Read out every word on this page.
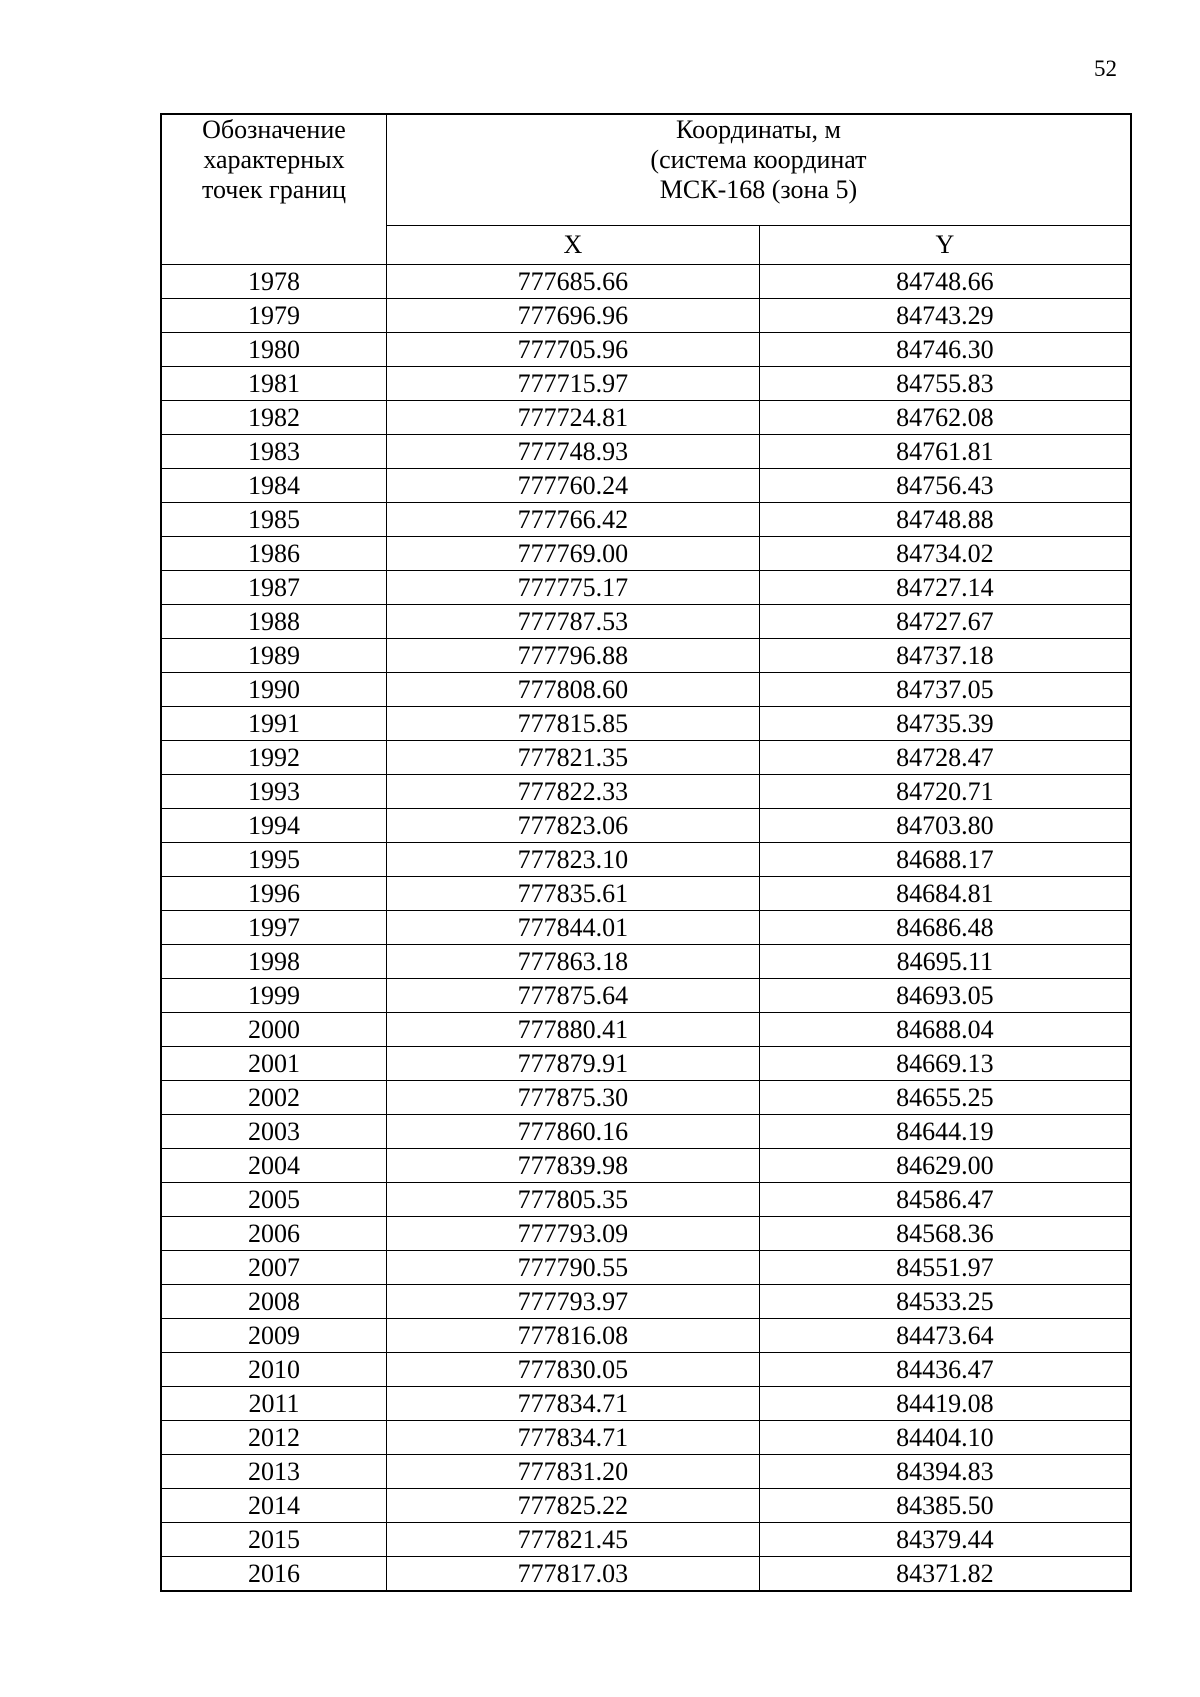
52
Обозначение
характерных
точек границ	Координаты, м
(система координат
МСК-168 (зона 5)	
	X	Y
1978	777685.66	84748.66
1979	777696.96	84743.29
1980	777705.96	84746.30
1981	777715.97	84755.83
1982	777724.81	84762.08
1983	777748.93	84761.81
1984	777760.24	84756.43
1985	777766.42	84748.88
1986	777769.00	84734.02
1987	777775.17	84727.14
1988	777787.53	84727.67
1989	777796.88	84737.18
1990	777808.60	84737.05
1991	777815.85	84735.39
1992	777821.35	84728.47
1993	777822.33	84720.71
1994	777823.06	84703.80
1995	777823.10	84688.17
1996	777835.61	84684.81
1997	777844.01	84686.48
1998	777863.18	84695.11
1999	777875.64	84693.05
2000	777880.41	84688.04
2001	777879.91	84669.13
2002	777875.30	84655.25
2003	777860.16	84644.19
2004	777839.98	84629.00
2005	777805.35	84586.47
2006	777793.09	84568.36
2007	777790.55	84551.97
2008	777793.97	84533.25
2009	777816.08	84473.64
2010	777830.05	84436.47
2011	777834.71	84419.08
2012	777834.71	84404.10
2013	777831.20	84394.83
2014	777825.22	84385.50
2015	777821.45	84379.44
2016	777817.03	84371.82
